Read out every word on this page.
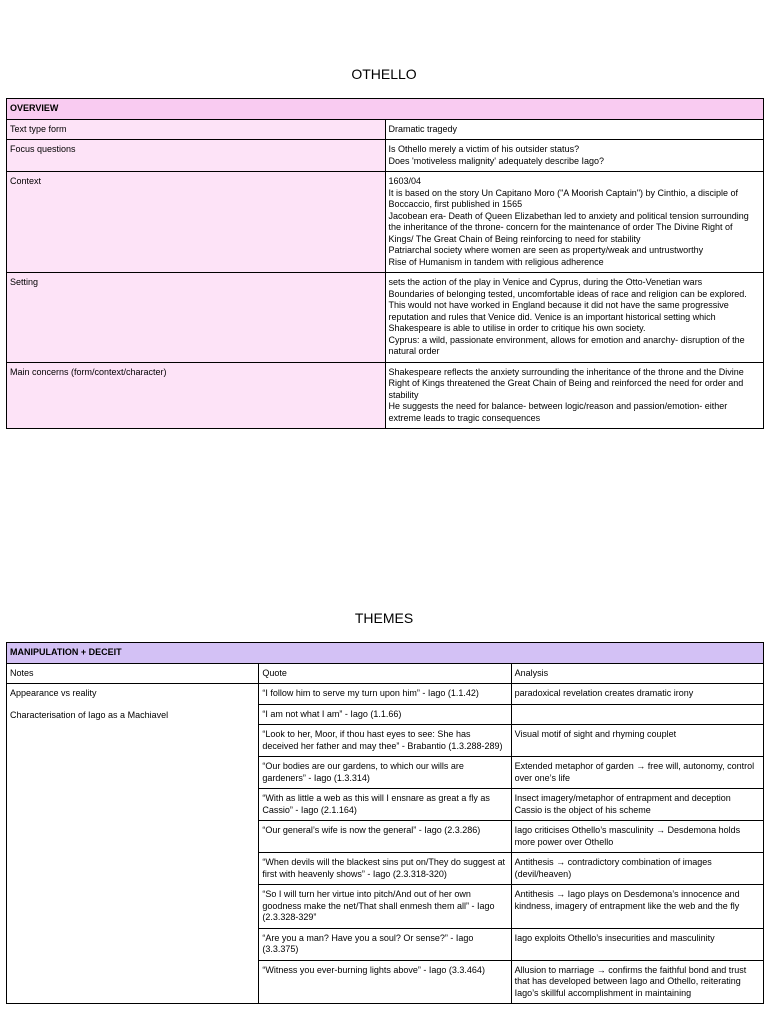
OTHELLO
OVERVIEW	
Text type form	Dramatic tragedy

Focus questions	Is Othello merely a victim of his outsider status?
Does 'motiveless malignity' adequately describe Iago?

Context	1603/04
It is based on the story Un Capitano Moro ("A Moorish Captain") by Cinthio, a disciple of Boccaccio, first published in 1565
Jacobean era- Death of Queen Elizabethan led to anxiety and political tension surrounding the inheritance of the throne- concern for the maintenance of order The Divine Right of Kings/ The Great Chain of Being reinforcing to need for stability
Patriarchal society where women are seen as property/weak and untrustworthy
Rise of Humanism in tandem with religious adherence

Setting	sets the action of the play in Venice and Cyprus, during the Otto-Venetian wars
Boundaries of belonging tested, uncomfortable ideas of race and religion can be explored. This would not have worked in England because it did not have the same progressive reputation and rules that Venice did. Venice is an important historical setting which Shakespeare is able to utilise in order to critique his own society.
Cyprus: a wild, passionate environment, allows for emotion and anarchy- disruption of the natural order

Main concerns (form/context/character)	Shakespeare reflects the anxiety surrounding the inheritance of the throne and the Divine Right of Kings threatened the Great Chain of Being and reinforced the need for order and stability
He suggests the need for balance- between logic/reason and passion/emotion- either extreme leads to tragic consequences
THEMES
MANIPULATION + DECEIT		
Notes	Quote	Analysis

Appearance vs reality
Characterisation of Iago as a Machiavel	“I follow him to serve my turn upon him” - Iago (1.1.42)	paradoxical revelation creates dramatic irony
	“I am not what I am” - Iago (1.1.66)	
	“Look to her, Moor, if thou hast eyes to see: She has deceived her father and may thee” - Brabantio (1.3.288-289)	Visual motif of sight and rhyming couplet
	“Our bodies are our gardens, to which our wills are gardeners” - Iago (1.3.314)	Extended metaphor of garden → free will, autonomy, control over one’s life
	“With as little a web as this will I ensnare as great a fly as Cassio” - Iago (2.1.164)	Insect imagery/metaphor of entrapment and deception Cassio is the object of his scheme
	“Our general’s wife is now the general” - Iago (2.3.286)	Iago criticises Othello’s masculinity → Desdemona holds more power over Othello
	“When devils will the blackest sins put on/They do suggest at first with heavenly shows” - Iago (2.3.318-320)	Antithesis → contradictory combination of images (devil/heaven)
	“So I will turn her virtue into pitch/And out of her own goodness make the net/That shall enmesh them all” - Iago (2.3.328-329”	Antithesis → Iago plays on Desdemona’s innocence and kindness, imagery of entrapment like the web and the fly
	“Are you a man? Have you a soul? Or sense?” - Iago (3.3.375)	Iago exploits Othello’s insecurities and masculinity
	“Witness you ever-burning lights above” - Iago (3.3.464)	Allusion to marriage → confirms the faithful bond and trust that has developed between Iago and Othello, reiterating Iago’s skillful accomplishment in maintaining
